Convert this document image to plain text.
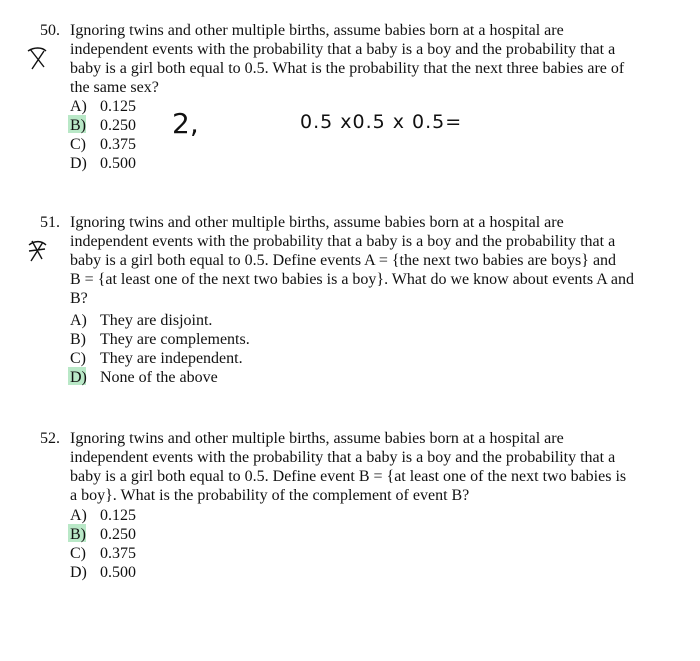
50. Ignoring twins and other multiple births, assume babies born at a hospital are
independent events with the probability that a baby is a boy and the probability that a
baby is a girl both equal to 0.5. What is the probability that the next three babies are of
the same sex?
A) 0.125
B) 0.250
C) 0.375
D) 0.500
2,	0.5 x0.5 x 0.5=
51. Ignoring twins and other multiple births, assume babies born at a hospital are
independent events with the probability that a baby is a boy and the probability that a
baby is a girl both equal to 0.5. Define events A = {the next two babies are boys} and
B = {at least one of the next two babies is a boy}. What do we know about events A and
B?
A) They are disjoint.
B) They are complements.
C) They are independent.
D) None of the above
52. Ignoring twins and other multiple births, assume babies born at a hospital are
independent events with the probability that a baby is a boy and the probability that a
baby is a girl both equal to 0.5. Define event B = {at least one of the next two babies is
a boy}. What is the probability of the complement of event B?
A) 0.125
B) 0.250
C) 0.375
D) 0.500
